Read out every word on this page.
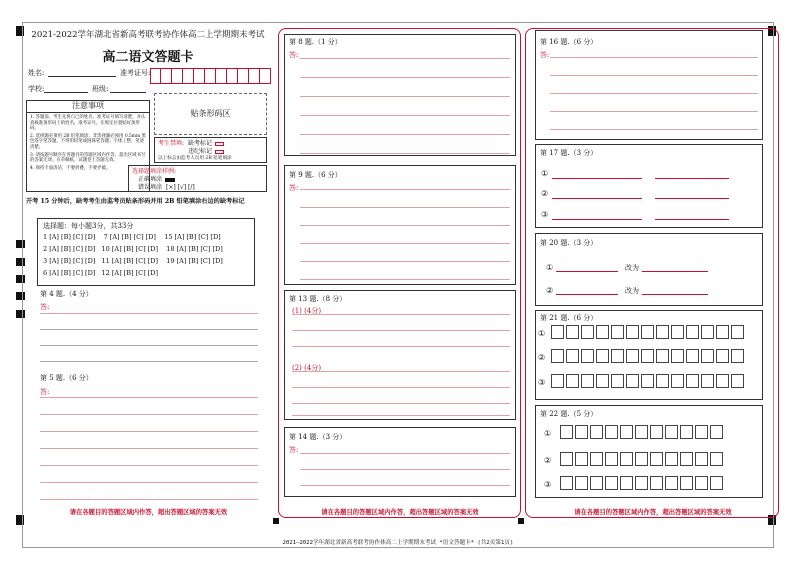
2021-2022学年湖北省新高考联考协作体高二上学期期末考试
高二语文答题卡
姓名:	准考证号:
学校:	班级:
注意事项
1. 答题前，考生先将自己的姓名、准考证号填写清楚，并认真核准条形码上的姓名、准考证号，在规定位置贴好条形码。
2. 选择题必须用 2B 铅笔填涂；非选择题必须用 0.5mm 黑色签字笔答题，不得用铅笔或圆珠笔答题；字体工整、笔迹清楚。
3. 请按题号顺序在各题目的答题区域内作答，超出区域书写的答案无效；在草稿纸、试题卷上答题无效。
4. 保持卡面清洁，不要折叠，不要弄破。
贴条形码区
考生禁填: 缺考标记
违纪标记
以上标志由监考人员用 2B 铅笔填涂
选择题填涂样例:
正确填涂
错误填涂 [×] [√] [/]
开考 15 分钟后，缺考考生由监考员贴条形码并用 2B 铅笔填涂右边的缺考标记
选择题：每小题3分，共33分
1 [A] [B] [C] [D]    7 [A] [B] [C] [D]    15 [A] [B] [C] [D]
2 [A] [B] [C] [D]   10 [A] [B] [C] [D]    18 [A] [B] [C] [D]
3 [A] [B] [C] [D]   11 [A] [B] [C] [D]    19 [A] [B] [C] [D]
6 [A] [B] [C] [D]   12 [A] [B] [C] [D]
第 4 题.（4 分）
答:
第 5 题.（6 分）
答:
请在各题目的答题区域内作答，超出答题区域的答案无效
第 8 题.（1 分）
答:
第 9 题.（6 分）
答:
第 13 题.（8 分）
(1) (4分)
(2) (4分)
第 14 题.（3 分）
答:
请在各题目的答题区域内作答，超出答题区域的答案无效
第 16 题.（6 分）
答:
第 17 题.（3 分）
①
②
③
第 20 题.（3 分）
①	改为
②	改为
第 21 题.（6 分）
①
②
③
第 22 题.（5 分）
①
②
③
请在各题目的答题区域内作答，超出答题区域的答案无效
2021—2022学年湖北省新高考联考协作体高二上学期期末考试 *语文答题卡* (共2页第1页)
